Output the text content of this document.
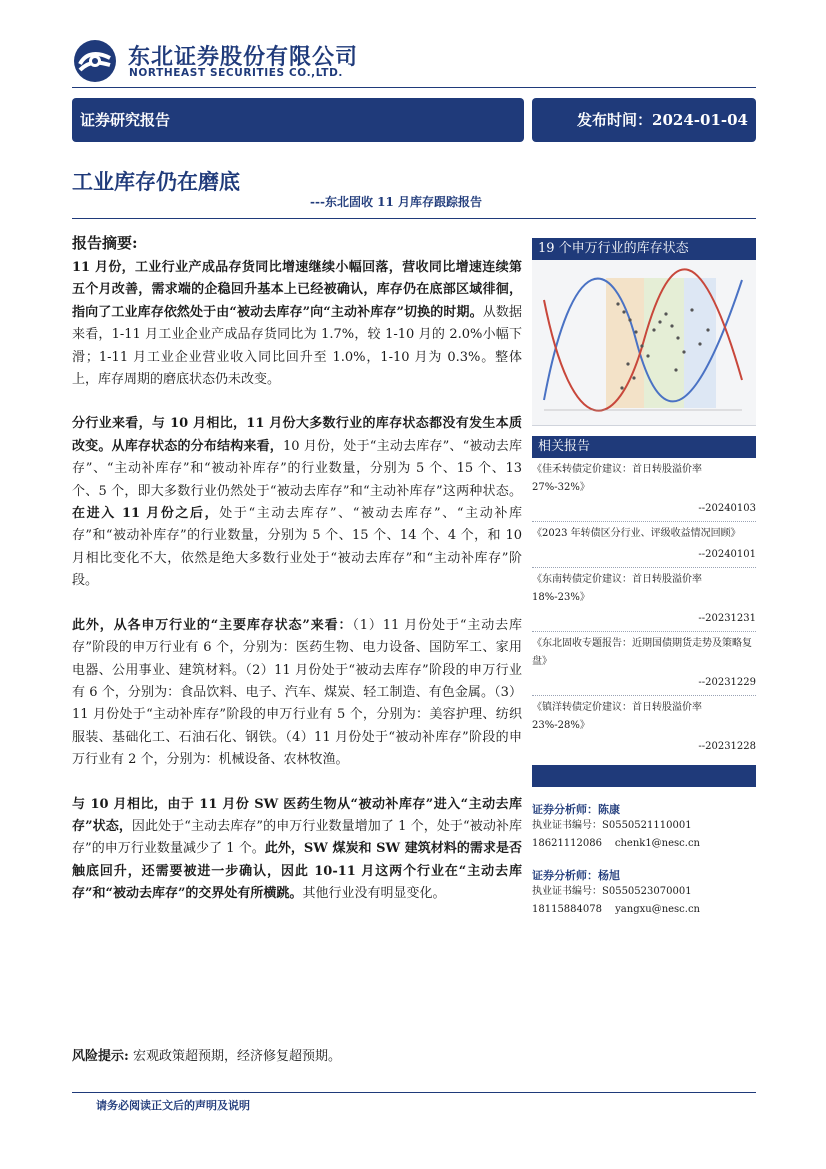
东北证券股份有限公司
NORTHEAST SECURITIES CO.,LTD.
证券研究报告	发布时间：2024-01-04
工业库存仍在磨底
---东北固收 11 月库存跟踪报告
报告摘要:

11 月份，工业行业产成品存货同比增速继续小幅回落，营收同比增速连续第五个月改善，需求端的企稳回升基本上已经被确认，库存仍在底部区域徘徊，指向了工业库存依然处于由“被动去库存”向“主动补库存”切换的时期。从数据来看，1-11 月工业企业产成品存货同比为 1.7%，较 1-10 月的 2.0%小幅下滑；1-11 月工业企业营业收入同比回升至 1.0%，1-10 月为 0.3%。整体上，库存周期的磨底状态仍未改变。

分行业来看，与 10 月相比，11 月份大多数行业的库存状态都没有发生本质改变。从库存状态的分布结构来看，10 月份，处于“主动去库存”、“被动去库存”、“主动补库存”和“被动补库存”的行业数量，分别为 5 个、15 个、13 个、5 个，即大多数行业仍然处于“被动去库存”和“主动补库存”这两种状态。在进入 11 月份之后，处于“主动去库存”、“被动去库存”、“主动补库存”和“被动补库存”的行业数量，分别为 5 个、15 个、14 个、4 个，和 10 月相比变化不大，依然是绝大多数行业处于“被动去库存”和“主动补库存”阶段。

此外，从各申万行业的“主要库存状态”来看：（1）11 月份处于“主动去库存”阶段的申万行业有 6 个，分别为：医药生物、电力设备、国防军工、家用电器、公用事业、建筑材料。（2）11 月份处于“被动去库存”阶段的申万行业有 6 个，分别为：食品饮料、电子、汽车、煤炭、轻工制造、有色金属。（3）11 月份处于“主动补库存”阶段的申万行业有 5 个，分别为：美容护理、纺织服装、基础化工、石油石化、钢铁。（4）11 月份处于“被动补库存”阶段的申万行业有 2 个，分别为：机械设备、农林牧渔。

与 10 月相比，由于 11 月份 SW 医药生物从“被动补库存”进入“主动去库存”状态，因此处于“主动去库存”的申万行业数量增加了 1 个，处于“被动补库存”的申万行业数量减少了 1 个。此外，SW 煤炭和 SW 建筑材料的需求是否触底回升，还需要被进一步确认，因此 10-11 月这两个行业在“主动去库存”和“被动去库存”的交界处有所横跳。其他行业没有明显变化。

风险提示: 宏观政策超预期，经济修复超预期。
19 个申万行业的库存状态
相关报告
《佳禾转债定价建议：首日转股溢价率 27%-32%》
--20240103
《2023 年转债区分行业、评级收益情况回顾》
--20240101
《东南转债定价建议：首日转股溢价率 18%-23%》
--20231231
《东北固收专题报告：近期国债期货走势及策略复盘》
--20231229
《镇洋转债定价建议：首日转股溢价率 23%-28%》
--20231228
证券分析师：陈康
执业证书编号：S0550521110001
18621112086 chenk1@nesc.cn
证券分析师：杨旭
执业证书编号：S0550523070001
18115884078 yangxu@nesc.cn
请务必阅读正文后的声明及说明
